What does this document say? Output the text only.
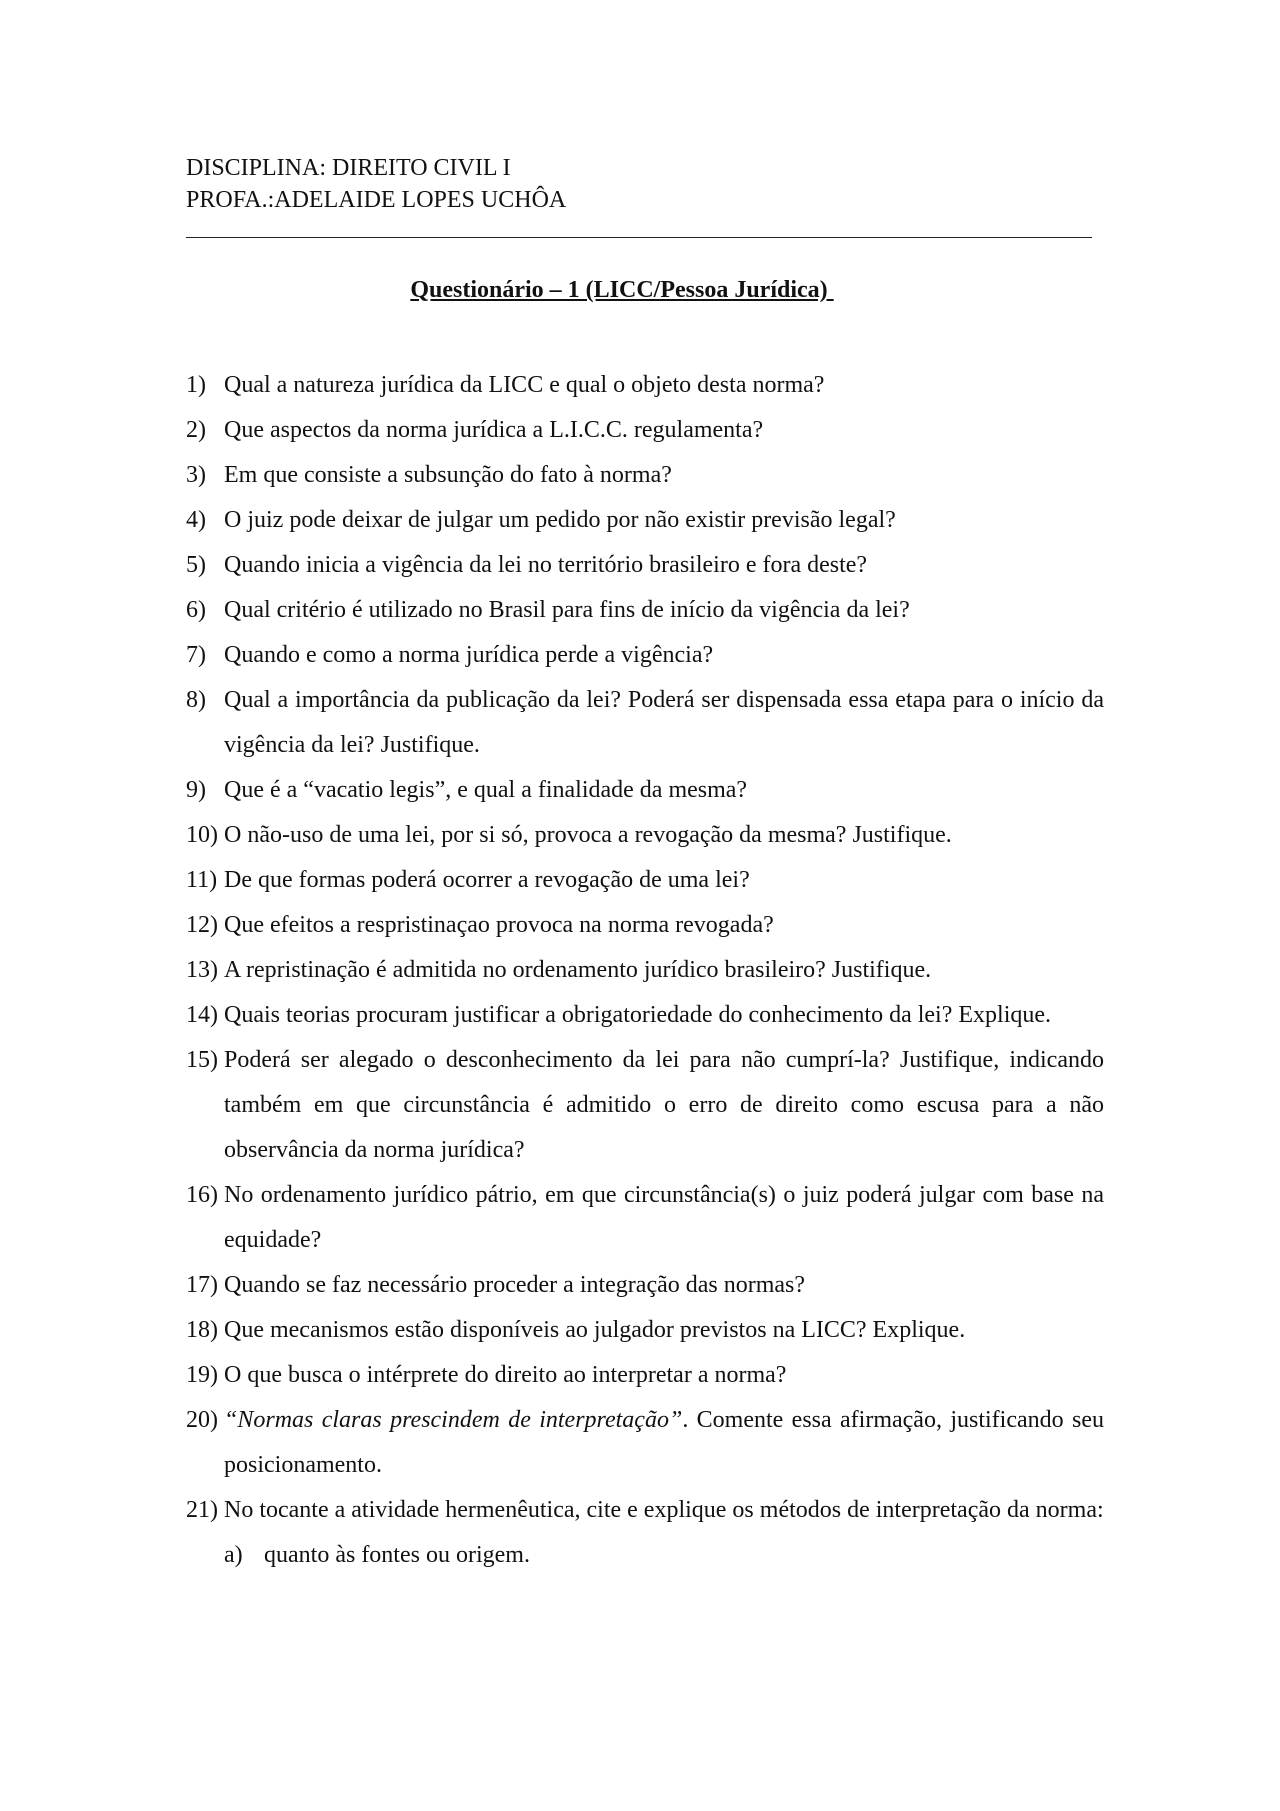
DISCIPLINA: DIREITO CIVIL I
PROFA.:ADELAIDE LOPES UCHÔA
Questionário – 1 (LICC/Pessoa Jurídica)
1) Qual a natureza jurídica da LICC e qual o objeto desta norma?
2) Que aspectos da norma jurídica a L.I.C.C. regulamenta?
3) Em que consiste a subsunção do fato à norma?
4) O juiz pode deixar de julgar um pedido por não existir previsão legal?
5) Quando inicia a vigência da lei no território brasileiro e fora deste?
6) Qual critério é utilizado no Brasil para fins de início da vigência da lei?
7) Quando e como a norma jurídica perde a vigência?
8) Qual a importância da publicação da lei? Poderá ser dispensada essa etapa para o início da vigência da lei? Justifique.
9) Que é a “vacatio legis”, e qual a finalidade da mesma?
10) O não-uso de uma lei, por si só, provoca a revogação da mesma? Justifique.
11) De que formas poderá ocorrer a revogação de uma lei?
12) Que efeitos a respristinaçao provoca na norma revogada?
13) A repristinação é admitida no ordenamento jurídico brasileiro? Justifique.
14) Quais teorias procuram justificar a obrigatoriedade do conhecimento da lei? Explique.
15) Poderá ser alegado o desconhecimento da lei para não cumprí-la? Justifique, indicando também em que circunstância é admitido o erro de direito como escusa para a não observância da norma jurídica?
16) No ordenamento jurídico pátrio, em que circunstância(s) o juiz poderá julgar com base na equidade?
17) Quando se faz necessário proceder a integração das normas?
18) Que mecanismos estão disponíveis ao julgador previstos na LICC? Explique.
19) O que busca o intérprete do direito ao interpretar a norma?
20) “Normas claras prescindem de interpretação”. Comente essa afirmação, justificando seu posicionamento.
21) No tocante a atividade hermenêutica, cite e explique os métodos de interpretação da norma:
a) quanto às fontes ou origem.
